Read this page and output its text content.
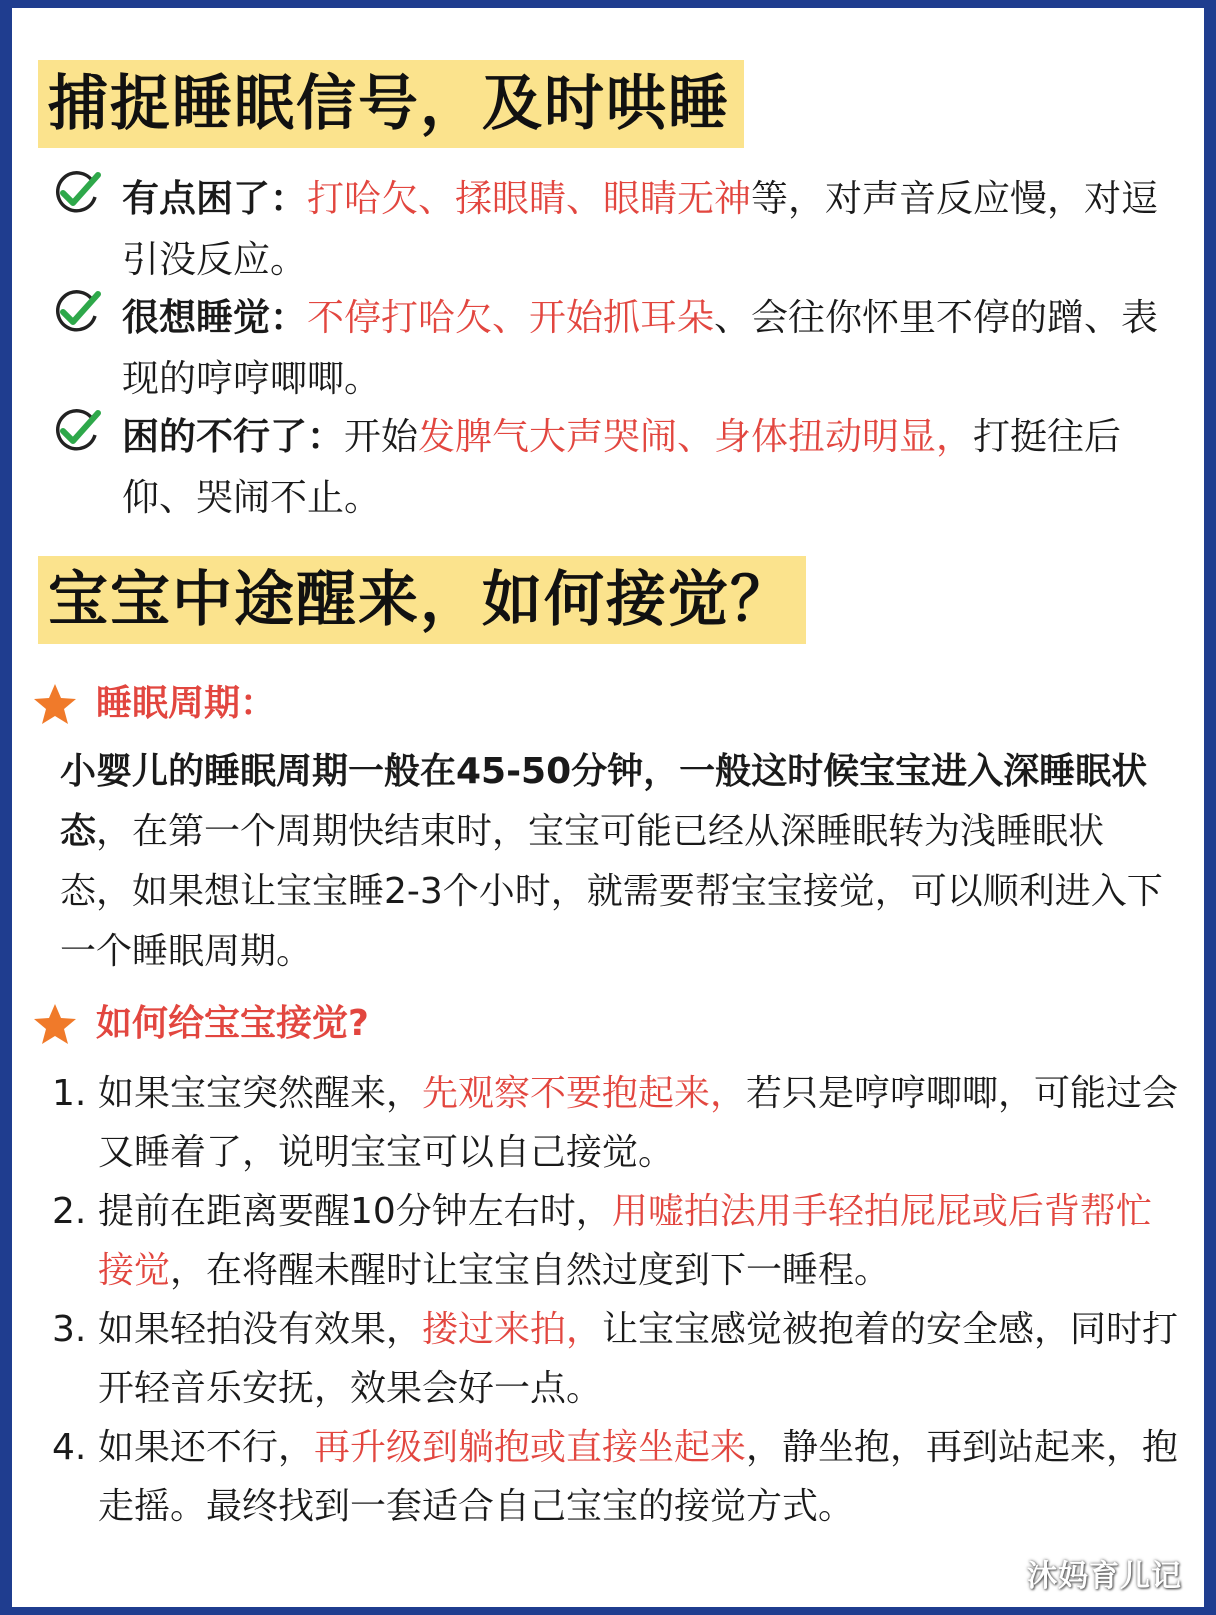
捕捉睡眠信号，及时哄睡
有点困了：打哈欠、揉眼睛、眼睛无神等，对声音反应慢，对逗引没反应。
很想睡觉：不停打哈欠、开始抓耳朵、会往你怀里不停的蹭、表现的哼哼唧唧。
困的不行了：开始发脾气大声哭闹、身体扭动明显，打挺往后仰、哭闹不止。
宝宝中途醒来，如何接觉？
睡眠周期：
小婴儿的睡眠周期一般在45-50分钟，一般这时候宝宝进入深睡眠状态，在第一个周期快结束时，宝宝可能已经从深睡眠转为浅睡眠状态，如果想让宝宝睡2-3个小时，就需要帮宝宝接觉，可以顺利进入下一个睡眠周期。
如何给宝宝接觉?
1. 如果宝宝突然醒来，先观察不要抱起来，若只是哼哼唧唧，可能过会又睡着了，说明宝宝可以自己接觉。
2. 提前在距离要醒10分钟左右时，用嘘拍法用手轻拍屁屁或后背帮忙接觉，在将醒未醒时让宝宝自然过度到下一睡程。
3. 如果轻拍没有效果，搂过来拍，让宝宝感觉被抱着的安全感，同时打开轻音乐安抚，效果会好一点。
4. 如果还不行，再升级到躺抱或直接坐起来，静坐抱，再到站起来，抱走摇。最终找到一套适合自己宝宝的接觉方式。
沐妈育儿记
